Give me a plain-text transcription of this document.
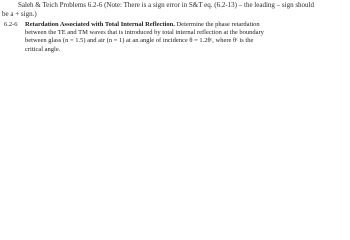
Saleh & Teich Problems 6.2-6 (Note: There is a sign error in S&T eq. (6.2-13) – the leading – sign should
be a + sign.)
6.2-6	Retardation Associated with Total Internal Reflection. Determine the phase retardation
between the TE and TM waves that is introduced by total internal reflection at the boundary
between glass (n = 1.5) and air (n = 1) at an angle of incidence θ = 1.2θᶜ, where θᶜ is the
critical angle.
